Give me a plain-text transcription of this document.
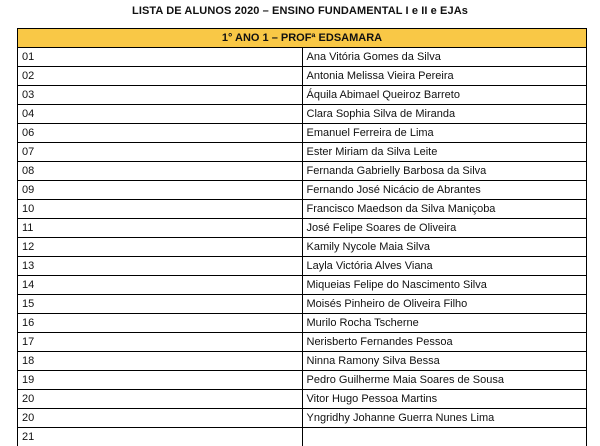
LISTA DE ALUNOS 2020 – ENSINO FUNDAMENTAL I e II e EJAs
1° ANO 1 – PROFª EDSAMARA	
01	Ana Vitória Gomes da Silva
02	Antonia Melissa Vieira Pereira
03	Áquila Abimael Queiroz Barreto
04	Clara Sophia Silva de Miranda
06	Emanuel Ferreira de Lima
07	Ester Miriam da Silva Leite
08	Fernanda Gabrielly Barbosa da Silva
09	Fernando José Nicácio de Abrantes
10	Francisco Maedson da Silva Maniçoba
11	José Felipe Soares de Oliveira
12	Kamily Nycole Maia Silva
13	Layla Victória Alves Viana
14	Miqueias Felipe do Nascimento Silva
15	Moisés Pinheiro de Oliveira Filho
16	Murilo Rocha Tscherne
17	Nerisberto Fernandes Pessoa
18	Ninna Ramony Silva Bessa
19	Pedro Guilherme Maia Soares de Sousa
20	Vitor Hugo Pessoa Martins
20	Yngridhy Johanne Guerra Nunes Lima
21	
